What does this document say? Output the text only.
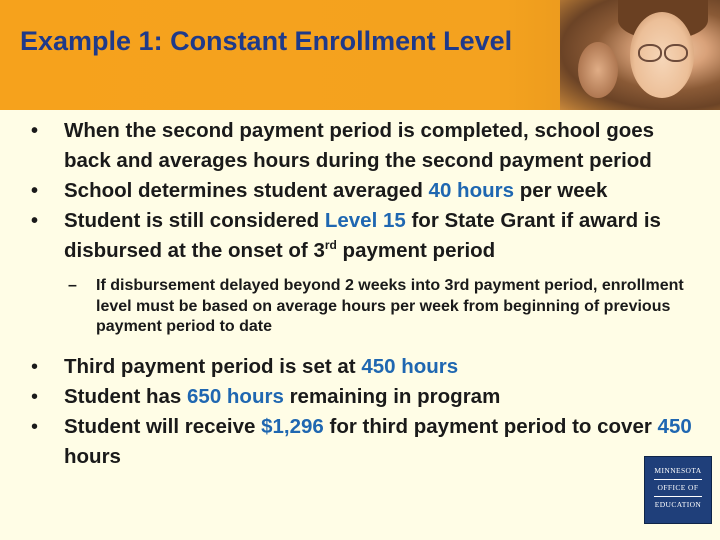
Example 1: Constant Enrollment Level

• When the second payment period is completed, school goes back and averages hours during the second payment period

• School determines student averaged 40 hours per week

• Student is still considered Level 15 for State Grant if award is disbursed at the onset of 3rd payment period

– If disbursement delayed beyond 2 weeks into 3rd payment period, enrollment level must be based on average hours per week from beginning of previous payment period to date

• Third payment period is set at 450 hours

• Student has 650 hours remaining in program

• Student will receive $1,296 for third payment period to cover 450 hours

MINNESOTA
OFFICE OF
EDUCATION
